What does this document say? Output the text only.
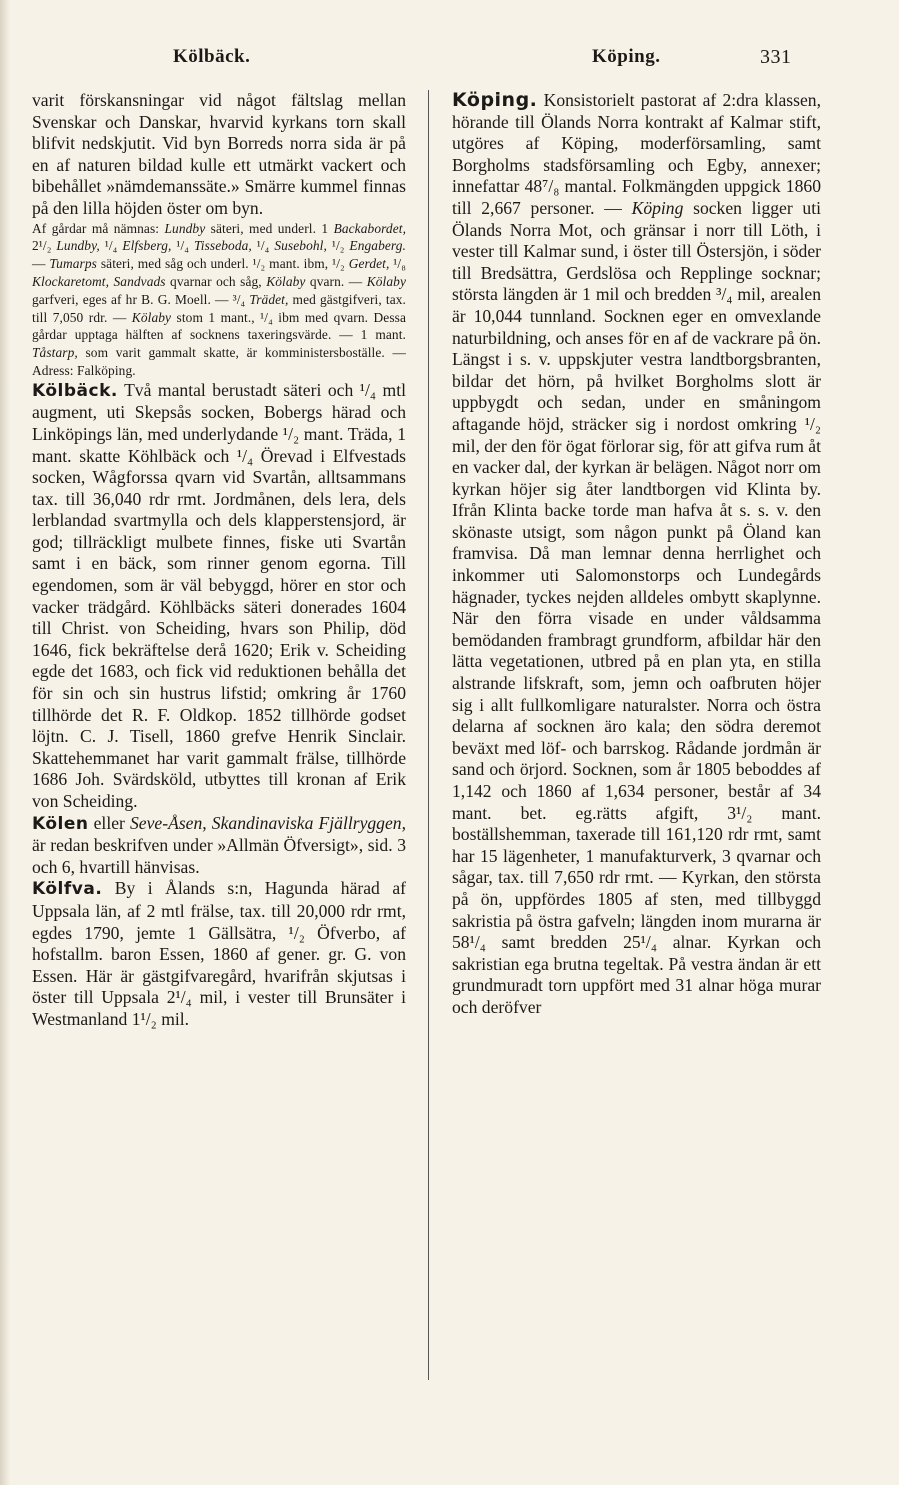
Kölbäck.	Köping.	331

varit förskansningar vid något fältslag mellan Svenskar och Danskar, hvarvid kyrkans torn skall blifvit nedskjutit. Vid byn Borreds norra sida är på en af naturen bildad kulle ett utmärkt vackert och bibehållet »nämdemanssäte.» Smärre kummel finnas på den lilla höjden öster om byn.

Af gårdar må nämnas: Lundby säteri, med underl. 1 Backabordet, 2¹/₂ Lundby, ¹/₄ Elfsberg, ¹/₄ Tisseboda, ¹/₄ Suseboh​l, ¹/₂ Engaberg. — Tumarps säteri, med såg och underl. ¹/₂ mant. ibm, ¹/₂ Gerdet, ¹/₈ Klockaretomt, Sandvads qvarnar och såg, Kölaby qvarn. — Kölaby garfveri, eges af hr B. G. Moell. — ³/₄ Trädet, med gästgifveri, tax. till 7,050 rdr. — Kölaby stom 1 mant., ¹/₄ ibm med qvarn. Dessa gårdar upptaga hälften af socknens taxeringsvärde. — 1 mant. Tåstarp, som varit gammalt skatte, är komministersboställe. — Adress: Falköping.

Kölbäck. Två mantal berustadt säteri och ¹/₄ mtl augment, uti Skepsås socken, Bobergs härad och Linköpings län, med underlydande ¹/₂ mant. Träda, 1 mant. skatte Köhlbäck och ¹/₄ Örevad i Elfvestads socken, Wågforssa qvarn vid Svartån, alltsammans tax. till 36,040 rdr rmt. Jordmånen, dels lera, dels lerblandad svartmylla och dels klapperstensjord, är god; tillräckligt mulbete finnes, fiske uti Svartån samt i en bäck, som rinner genom egorna. Till egendomen, som är väl bebyggd, hörer en stor och vacker trädgård. Köhlbäcks säteri donerades 1604 till Christ. von Scheiding, hvars son Philip, död 1646, fick bekräftelse derå 1620; Erik v. Scheiding egde det 1683, och fick vid reduktionen behålla det för sin och sin hustrus lifstid; omkring år 1760 tillhörde det R. F. Oldkop. 1852 tillhörde godset löjtn. C. J. Tisell, 1860 grefve Henrik Sinclair. Skattehemmanet har varit gammalt frälse, tillhörde 1686 Joh. Svärdsköld, utbyttes till kronan af Erik von Scheiding.

Kölen eller Seve-Åsen, Skandinaviska Fjällryggen, är redan beskrifven under »Allmän Öfversigt», sid. 3 och 6, hvartill hänvisas.

Kölfva. By i Ålands s:n, Hagunda härad af Uppsala län, af 2 mtl frälse, tax. till 20,000 rdr rmt, egdes 1790, jemte 1 Gällsätra, ¹/₂ Öfverbo, af hofstallm. baron Essen, 1860 af gener. gr. G. von Essen. Här är gästgifvaregård, hvarifrån skjutsas i öster till Uppsala 2¹/₄ mil, i vester till Brunsäter i Westmanland 1¹/₂ mil.

Köping. Konsistorielt pastorat af 2:dra klassen, hörande till Ölands Norra kontrakt af Kalmar stift, utgöres af Köping, moderförsamling, samt Borgholms stadsförsamling och Egby, annexer; innefattar 48⁷/₈ mantal. Folkmängden uppgick 1860 till 2,667 personer. — Köping socken ligger uti Ölands Norra Mot, och gränsar i norr till Löth, i vester till Kalmar sund, i öster till Östersjön, i söder till Bredsättra, Gerdslösa och Repplinge socknar; största längden är 1 mil och bredden ³/₄ mil, arealen är 10,044 tunnland. Socknen eger en omvexlande naturbildning, och anses för en af de vackrare på ön. Längst i s. v. uppskjuter vestra landtborgsbranten, bildar det hörn, på hvilket Borgholms slott är uppbygdt och sedan, under en småningom aftagande höjd, sträcker sig i nordost omkring ¹/₂ mil, der den för ögat förlorar sig, för att gifva rum åt en vacker dal, der kyrkan är belägen. Något norr om kyrkan höjer sig åter landtborgen vid Klinta by. Ifrån Klinta backe torde man hafva åt s. s. v. den skönaste utsigt, som någon punkt på Öland kan framvisa. Då man lemnar denna herrlighet och inkommer uti Salomonstorps och Lundegårds hägnader, tyckes nejden alldeles ombytt skaplynne. När den förra visade en under våldsamma bemödanden frambragt grundform, afbildar här den lätta vegetationen, utbred på en plan yta, en stilla alstrande lifskraft, som, jemn och oafbruten höjer sig i allt fullkomligare naturalster. Norra och östra delarna af socknen äro kala; den södra deremot beväxt med löf- och barrskog. Rådande jordmån är sand och örjord. Socknen, som år 1805 beboddes af 1,142 och 1860 af 1,634 personer, består af 34 mant. bet. eg.rätts afgift, 3¹/₂ mant. boställshemman, taxerade till 161,120 rdr rmt, samt har 15 lägenheter, 1 manufakturverk, 3 qvarnar och sågar, tax. till 7,650 rdr rmt. — Kyrkan, den största på ön, uppfördes 1805 af sten, med tillbyggd sakristia på östra gafveln; längden inom murarna är 58¹/₄ samt bredden 25¹/₄ alnar. Kyrkan och sakristian ega brutna tegeltak. På vestra ändan är ett grundmuradt torn uppfört med 31 alnar höga murar och deröfver
